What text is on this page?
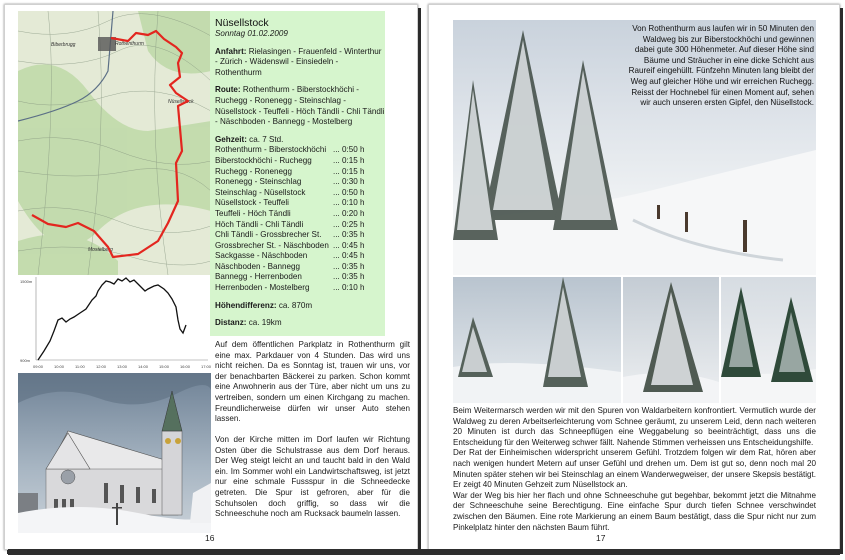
Rothenthurm
Biberbrugg
Nüsellstock
Mostelberg
1500m
900m
09:00	10:00	11:00	12:00	13:00	14:00	15:00	16:00	17:00
Nüsellstock
Sonntag 01.02.2009
Anfahrt: Rielasingen - Frauenfeld - Winterthur - Zürich - Wädenswil - Einsiedeln - Rothenthurm
Route: Rothenthurm - Biberstockhöchi - Ruchegg - Ronenegg - Steinschlag - Nüsellstock - Teuffeli - Höch Tändli - Chli Tändli - Näschboden - Bannegg - Mostelberg
Gehzeit: ca. 7 Std.
Rothenthurm - Biberstockhöchi ... 0:50 h
Biberstockhöchi - Ruchegg	... 0:15 h
Ruchegg - Ronenegg	... 0:15 h
Ronenegg - Steinschlag	... 0:30 h
Steinschlag - Nüsellstock	... 0:50 h
Nüsellstock - Teuffeli	... 0:10 h
Teuffeli - Höch Tändli	... 0:20 h
Höch Tändli - Chli Tändli	... 0:25 h
Chli Tändli - Grossbrecher St. ... 0:35 h
Grossbrecher St. - Näschboden ... 0:45 h
Sackgasse - Näschboden	... 0:45 h
Näschboden - Bannegg	... 0:35 h
Bannegg - Herrenboden	... 0:35 h
Herrenboden - Mostelberg	... 0:10 h
Höhendifferenz: ca. 870m
Distanz: ca. 19km
Auf dem öffentlichen Parkplatz in Rothenthurm gilt eine max. Parkdauer von 4 Stunden. Das wird uns nicht reichen. Da es Sonntag ist, trauen wir uns, vor der benachbarten Bäckerei zu parken. Schon kommt eine Anwohnerin aus der Türe, aber nicht um uns zu vertreiben, sondern um einen Kirchgang zu machen. Freundlicherweise dürfen wir unser Auto stehen lassen.
Von der Kirche mitten im Dorf laufen wir Richtung Osten über die Schulstrasse aus dem Dorf heraus. Der Weg steigt leicht an und taucht bald in den Wald ein. Im Sommer wohl ein Landwirtschaftsweg, ist jetzt nur eine schmale Fussspur in die Schneedecke getreten. Die Spur ist gefroren, aber für die Schuhsolen doch griffig, so dass wir die Schneeschuhe noch am Rucksack baumeln lassen.
16
Von Rothenthurm aus laufen wir in 50 Minuten den Waldweg bis zur Biberstockhöchi und gewinnen dabei gute 300 Höhenmeter. Auf dieser Höhe sind Bäume und Sträucher in eine dicke Schicht aus Raureif eingehüllt. Fünfzehn Minuten lang bleibt der Weg auf gleicher Höhe und wir erreichen Ruchegg. Reisst der Hochnebel für einen Moment auf, sehen wir auch unseren ersten Gipfel, den Nüsellstock.
Beim Weitermarsch werden wir mit den Spuren von Waldarbeitern konfrontiert. Vermutlich wurde der Waldweg zu deren Arbeitserleichterung vom Schnee geräumt, zu unserem Leid, denn nach weiteren 20 Minuten ist durch das Schneepflügen eine Weggabelung so beeinträchtigt, dass uns die Entscheidung für den Weiterweg schwer fällt. Nahende Stimmen verheissen uns Entscheidungshilfe.
Der Rat der Einheimischen widerspricht unserem Gefühl. Trotzdem folgen wir dem Rat, hören aber nach wenigen hundert Metern auf unser Gefühl und drehen um. Dem ist gut so, denn noch mal 20 Minuten später stehen wir bei Steinschlag an einem Wanderwegweiser, der unsere Skepsis bestätigt. Er zeigt 40 Minuten Gehzeit zum Nüsellstock an.
War der Weg bis hier her flach und ohne Schneeschuhe gut begehbar, bekommt jetzt die Mitnahme der Schneeschuhe seine Berechtigung. Eine einfache Spur durch tiefen Schnee verschwindet zwischen den Bäumen. Eine rote Markierung an einem Baum bestätigt, dass die Spur nicht nur zum Pinkelplatz hinter den nächsten Baum führt.
17
